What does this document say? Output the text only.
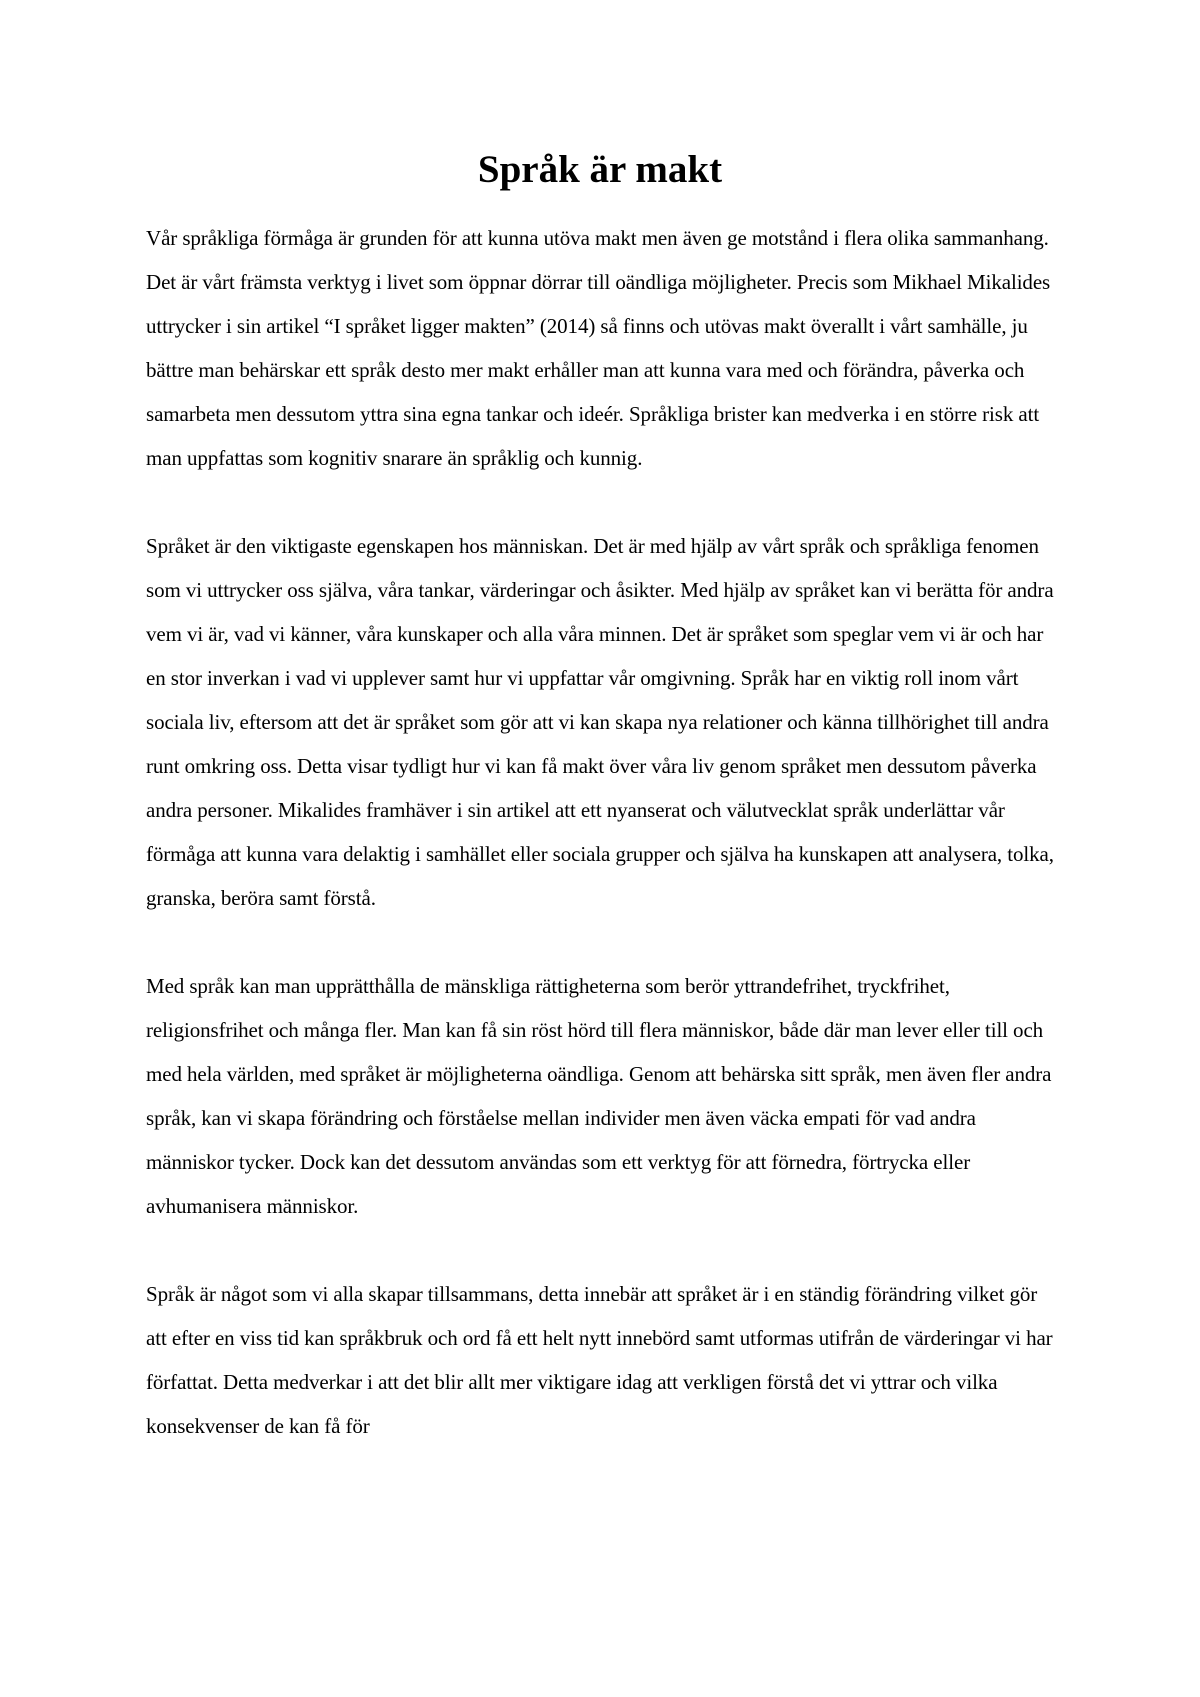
Språk är makt

Vår språkliga förmåga är grunden för att kunna utöva makt men även ge motstånd i flera olika sammanhang. Det är vårt främsta verktyg i livet som öppnar dörrar till oändliga möjligheter. Precis som Mikhael Mikalides uttrycker i sin artikel “I språket ligger makten” (2014) så finns och utövas makt överallt i vårt samhälle, ju bättre man behärskar ett språk desto mer makt erhåller man att kunna vara med och förändra, påverka och samarbeta men dessutom yttra sina egna tankar och ideér. Språkliga brister kan medverka i en större risk att man uppfattas som kognitiv snarare än språklig och kunnig.

Språket är den viktigaste egenskapen hos människan. Det är med hjälp av vårt språk och språkliga fenomen som vi uttrycker oss själva, våra tankar, värderingar och åsikter. Med hjälp av språket kan vi berätta för andra vem vi är, vad vi känner, våra kunskaper och alla våra minnen. Det är språket som speglar vem vi är och har en stor inverkan i vad vi upplever samt hur vi uppfattar vår omgivning. Språk har en viktig roll inom vårt sociala liv, eftersom att det är språket som gör att vi kan skapa nya relationer och känna tillhörighet till andra runt omkring oss. Detta visar tydligt hur vi kan få makt över våra liv genom språket men dessutom påverka andra personer. Mikalides framhäver i sin artikel att ett nyanserat och välutvecklat språk underlättar vår förmåga att kunna vara delaktig i samhället eller sociala grupper och själva ha kunskapen att analysera, tolka, granska, beröra samt förstå.

Med språk kan man upprätthålla de mänskliga rättigheterna som berör yttrandefrihet, tryckfrihet, religionsfrihet och många fler. Man kan få sin röst hörd till flera människor, både där man lever eller till och med hela världen, med språket är möjligheterna oändliga. Genom att behärska sitt språk, men även fler andra språk, kan vi skapa förändring och förståelse mellan individer men även väcka empati för vad andra människor tycker. Dock kan det dessutom användas som ett verktyg för att förnedra, förtrycka eller avhumanisera människor.

Språk är något som vi alla skapar tillsammans, detta innebär att språket är i en ständig förändring vilket gör att efter en viss tid kan språkbruk och ord få ett helt nytt innebörd samt utformas utifrån de värderingar vi har författat. Detta medverkar i att det blir allt mer viktigare idag att verkligen förstå det vi yttrar och vilka konsekvenser de kan få för
